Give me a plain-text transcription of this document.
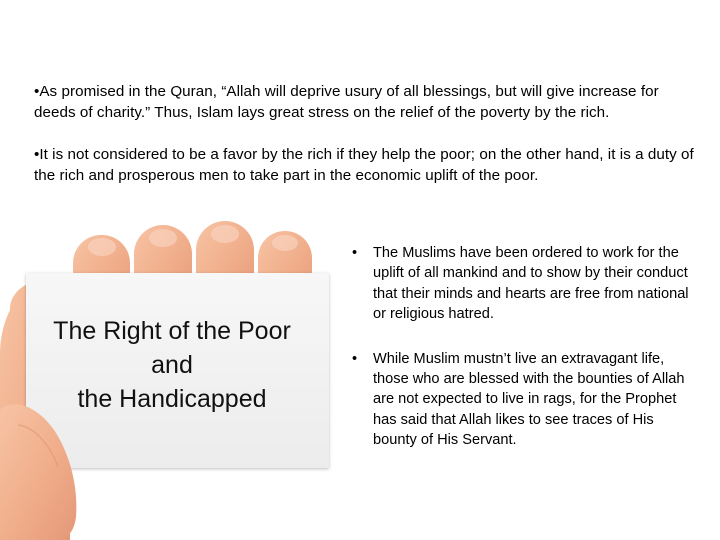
•As promised in the Quran, “Allah will deprive usury of all blessings, but will give increase for deeds of charity.” Thus, Islam lays great stress on the relief of the poverty by the rich.

•It is not considered to be a favor by the rich if they help the poor; on the other hand, it is a duty of the rich and prosperous men to take part in the economic uplift of the poor.

The Right of the Poor
and
the Handicapped
• The Muslims have been ordered to work for the uplift of all mankind and to show by their conduct that their minds and hearts are free from national or religious hatred.
• While Muslim mustn’t live an extravagant life, those who are blessed with the bounties of Allah are not expected to live in rags, for the Prophet has said that Allah likes to see traces of His bounty of His Servant.
